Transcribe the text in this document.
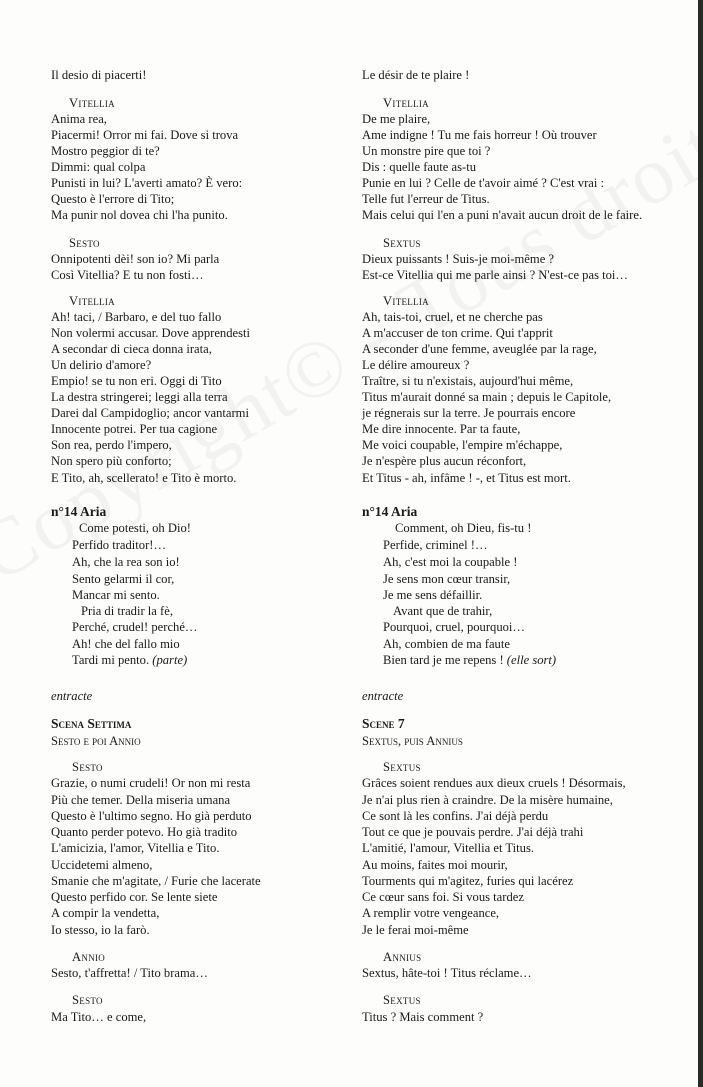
Il desio di piacerti!
Vitellia
Anima rea,
Piacermi! Orror mi fai. Dove si trova
Mostro peggior di te?
Dimmi: qual colpa
Punisti in lui? L'averti amato? È vero:
Questo è l'errore di Tito;
Ma punir nol dovea chi l'ha punito.
Sesto
Onnipotenti dèi! son io? Mi parla
Così Vitellia? E tu non fosti…
Vitellia
Ah! taci, / Barbaro, e del tuo fallo
Non volermi accusar. Dove apprendesti
A secondar di cieca donna irata,
Un delirio d'amore?
Empio! se tu non eri. Oggi di Tito
La destra stringerei; leggi alla terra
Darei dal Campidoglio; ancor vantarmi
Innocente potrei. Per tua cagione
Son rea, perdo l'impero,
Non spero più conforto;
E Tito, ah, scellerato! e Tito è morto.
n°14 Aria
Come potesti, oh Dio!
Perfido traditor!…
Ah, che la rea son io!
Sento gelarmi il cor,
Mancar mi sento.
Pria di tradir la fè,
Perché, crudel! perché…
Ah! che del fallo mio
Tardi mi pento. (parte)
entracte
Scena Settima
Sesto e poi Annio
Sesto
Grazie, o numi crudeli! Or non mi resta
Più che temer. Della miseria umana
Questo è l'ultimo segno. Ho già perduto
Quanto perder potevo. Ho già tradito
L'amicizia, l'amor, Vitellia e Tito.
Uccidetemi almeno,
Smanie che m'agitate, / Furie che lacerate
Questo perfido cor. Se lente siete
A compir la vendetta,
Io stesso, io la farò.
Annio
Sesto, t'affretta! / Tito brama…
Sesto
Ma Tito… e come,
Le désir de te plaire !
Vitellia
De me plaire,
Ame indigne ! Tu me fais horreur ! Où trouver
Un monstre pire que toi ?
Dis : quelle faute as-tu
Punie en lui ? Celle de t'avoir aimé ? C'est vrai :
Telle fut l'erreur de Titus.
Mais celui qui l'en a puni n'avait aucun droit de le faire.
Sextus
Dieux puissants ! Suis-je moi-même ?
Est-ce Vitellia qui me parle ainsi ? N'est-ce pas toi…
Vitellia
Ah, tais-toi, cruel, et ne cherche pas
A m'accuser de ton crime. Qui t'apprit
A seconder d'une femme, aveuglée par la rage,
Le délire amoureux ?
Traître, si tu n'existais, aujourd'hui même,
Titus m'aurait donné sa main ; depuis le Capitole,
je régnerais sur la terre. Je pourrais encore
Me dire innocente. Par ta faute,
Me voici coupable, l'empire m'échappe,
Je n'espère plus aucun réconfort,
Et Titus - ah, infâme ! -, et Titus est mort.
n°14 Aria
Comment, oh Dieu, fis-tu !
Perfide, criminel !…
Ah, c'est moi la coupable !
Je sens mon cœur transir,
Je me sens défaillir.
Avant que de trahir,
Pourquoi, cruel, pourquoi…
Ah, combien de ma faute
Bien tard je me repens ! (elle sort)
entracte
Scene 7
Sextus, puis Annius
Sextus
Grâces soient rendues aux dieux cruels ! Désormais,
Je n'ai plus rien à craindre. De la misère humaine,
Ce sont là les confins. J'ai déjà perdu
Tout ce que je pouvais perdre. J'ai déjà trahi
L'amitié, l'amour, Vitellia et Titus.
Au moins, faites moi mourir,
Tourments qui m'agitez, furies qui lacérez
Ce cœur sans foi. Si vous tardez
A remplir votre vengeance,
Je le ferai moi-même
Annius
Sextus, hâte-toi ! Titus réclame…
Sextus
Titus ? Mais comment ?
